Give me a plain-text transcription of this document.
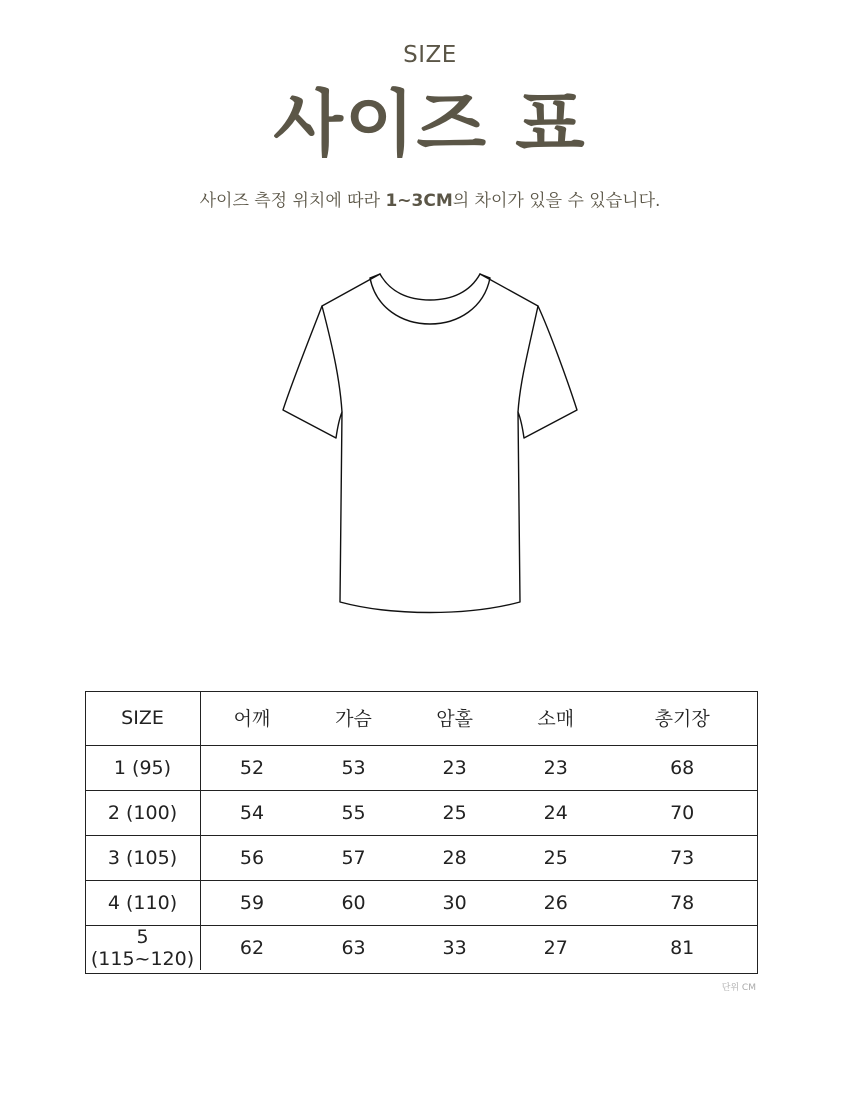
SIZE
사이즈 표
사이즈 측정 위치에 따라 1~3CM의 차이가 있을 수 있습니다.
SIZE	어깨	가슴	암홀	소매	총기장
1 (95)	52	53	23	23	68
2 (100)	54	55	25	24	70
3 (105)	56	57	28	25	73
4 (110)	59	60	30	26	78
5 (115~120)	62	63	33	27	81
단위 CM
